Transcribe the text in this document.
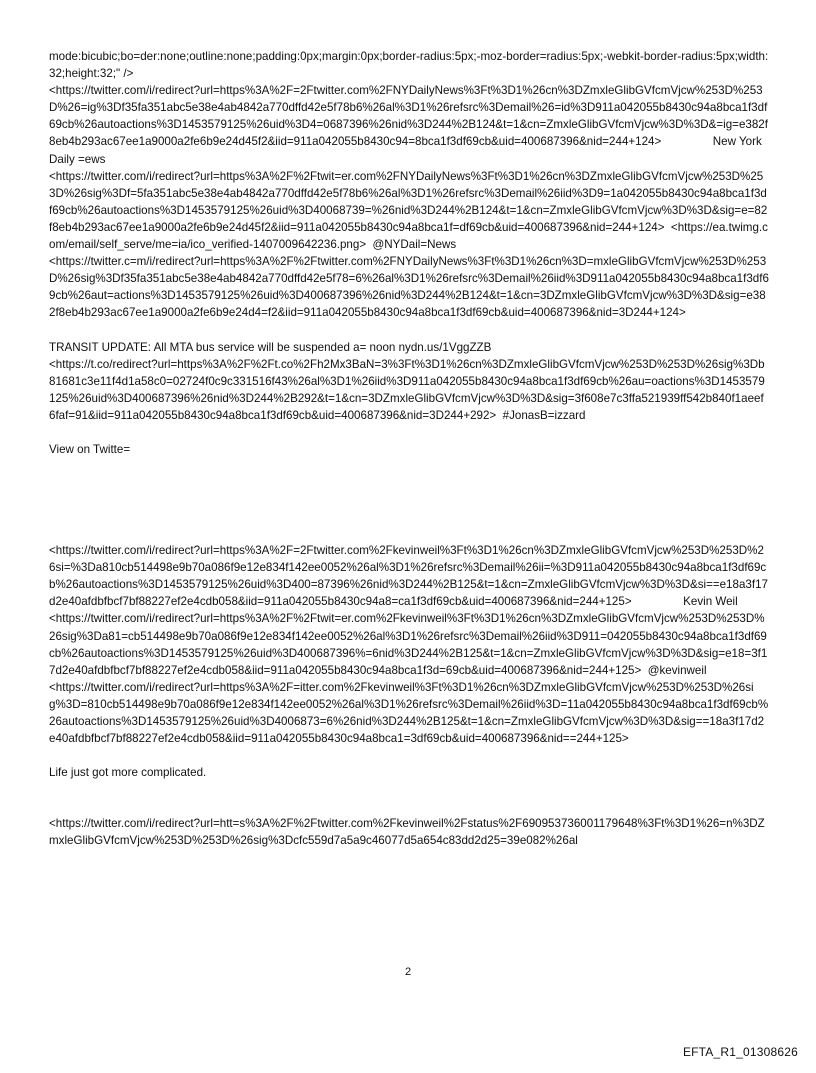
mode:bicubic;bo=der:none;outline:none;padding:0px;margin:0px;border-radius:5px;-moz-border=radius:5px;-webkit-border-radius:5px;width:32;height:32;" />
<https://twitter.com/i/redirect?url=https%3A%2F=2Ftwitter.com%2FNYDailyNews%3Ft%3D1%26cn%3DZmxleGlibGVfcmVjcw%253D%253D%26=ig%3Df35fa351abc5e38e4ab4842a770dffd42e5f78b6%26al%3D1%26refsrc%3Demail%26=id%3D911a042055b8430c94a8bca1f3df69cb%26autoactions%3D1453579125%26uid%3D4=0687396%26nid%3D244%2B124&t=1&cn=ZmxleGlibGVfcmVjcw%3D%3D&=ig=e382f8eb4b293ac67ee1a9000a2fe6b9e24d45f2&iid=911a042055b8430c94=8bca1f3df69cb&uid=400687396&nid=244+124>                New York Daily =ews
<https://twitter.com/i/redirect?url=https%3A%2F%2Ftwit=er.com%2FNYDailyNews%3Ft%3D1%26cn%3DZmxleGlibGVfcmVjcw%253D%253D%26sig%3Df=5fa351abc5e38e4ab4842a770dffd42e5f78b6%26al%3D1%26refsrc%3Demail%26iid%3D9=1a042055b8430c94a8bca1f3df69cb%26autoactions%3D1453579125%26uid%3D40068739=%26nid%3D244%2B124&t=1&cn=ZmxleGlibGVfcmVjcw%3D%3D&sig=e=82f8eb4b293ac67ee1a9000a2fe6b9e24d45f2&iid=911a042055b8430c94a8bca1f=df69cb&uid=400687396&nid=244+124>  <https://ea.twimg.com/email/self_serve/me=ia/ico_verified-1407009642236.png>  @NYDail=News
<https://twitter.c=m/i/redirect?url=https%3A%2F%2Ftwitter.com%2FNYDailyNews%3Ft%3D1%26cn%3D=mxleGlibGVfcmVjcw%253D%253D%26sig%3Df35fa351abc5e38e4ab4842a770dffd42e5f78=6%26al%3D1%26refsrc%3Demail%26iid%3D911a042055b8430c94a8bca1f3df69cb%26aut=actions%3D1453579125%26uid%3D400687396%26nid%3D244%2B124&t=1&cn=3DZmxleGlibGVfcmVjcw%3D%3D&sig=e382f8eb4b293ac67ee1a9000a2fe6b9e24d4=f2&iid=911a042055b8430c94a8bca1f3df69cb&uid=400687396&nid=3D244+124>

TRANSIT UPDATE: All MTA bus service will be suspended a= noon nydn.us/1VggZZB
<https://t.co/redirect?url=https%3A%2F%2Ft.co%2Fh2Mx3BaN=3%3Ft%3D1%26cn%3DZmxleGlibGVfcmVjcw%253D%253D%26sig%3Db81681c3e11f4d1a58c0=02724f0c9c331516f43%26al%3D1%26iid%3D911a042055b8430c94a8bca1f3df69cb%26au=oactions%3D1453579125%26uid%3D400687396%26nid%3D244%2B292&t=1&cn=3DZmxleGlibGVfcmVjcw%3D%3D&sig=3f608e7c3ffa521939ff542b840f1aeef6faf=91&iid=911a042055b8430c94a8bca1f3df69cb&uid=400687396&nid=3D244+292>  #JonasB=izzard

View on Twitte=

<https://twitter.com/i/redirect?url=https%3A%2F=2Ftwitter.com%2Fkevinweil%3Ft%3D1%26cn%3DZmxleGlibGVfcmVjcw%253D%253D%26si=%3Da810cb514498e9b70a086f9e12e834f142ee0052%26al%3D1%26refsrc%3Demail%26ii=%3D911a042055b8430c94a8bca1f3df69cb%26autoactions%3D1453579125%26uid%3D400=87396%26nid%3D244%2B125&t=1&cn=ZmxleGlibGVfcmVjcw%3D%3D&si==e18a3f17d2e40afdbfbcf7bf88227ef2e4cdb058&iid=911a042055b8430c94a8=ca1f3df69cb&uid=400687396&nid=244+125>                Kevin Weil
<https://twitter.com/i/redirect?url=https%3A%2F%2Ftwit=er.com%2Fkevinweil%3Ft%3D1%26cn%3DZmxleGlibGVfcmVjcw%253D%253D%26sig%3Da81=cb514498e9b70a086f9e12e834f142ee0052%26al%3D1%26refsrc%3Demail%26iid%3D911=042055b8430c94a8bca1f3df69cb%26autoactions%3D1453579125%26uid%3D400687396%=6nid%3D244%2B125&t=1&cn=ZmxleGlibGVfcmVjcw%3D%3D&sig=e18=3f17d2e40afdbfbcf7bf88227ef2e4cdb058&iid=911a042055b8430c94a8bca1f3d=69cb&uid=400687396&nid=244+125>  @kevinweil
<https://twitter.com/i/redirect?url=https%3A%2F=itter.com%2Fkevinweil%3Ft%3D1%26cn%3DZmxleGlibGVfcmVjcw%253D%253D%26sig%3D=810cb514498e9b70a086f9e12e834f142ee0052%26al%3D1%26refsrc%3Demail%26iid%3D=11a042055b8430c94a8bca1f3df69cb%26autoactions%3D1453579125%26uid%3D4006873=6%26nid%3D244%2B125&t=1&cn=ZmxleGlibGVfcmVjcw%3D%3D&sig==18a3f17d2e40afdbfbcf7bf88227ef2e4cdb058&iid=911a042055b8430c94a8bca1=3df69cb&uid=400687396&nid==244+125>

Life just got more complicated.

<https://twitter.com/i/redirect?url=htt=s%3A%2F%2Ftwitter.com%2Fkevinweil%2Fstatus%2F690953736001179648%3Ft%3D1%26=n%3DZmxleGlibGVfcmVjcw%253D%253D%26sig%3Dcfc559d7a5a9c46077d5a654c83dd2d25=39e082%26al

2
EFTA_R1_01308626
